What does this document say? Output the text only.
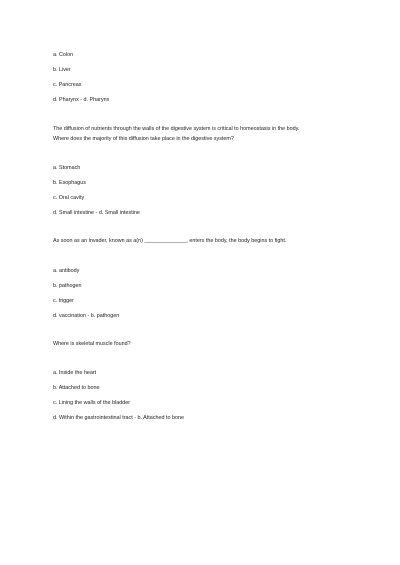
a. Colon
b. Liver
c. Pancreas
d. Pharynx - d. Pharynx
The diffusion of nutrients through the walls of the digestive system is critical to homeostasis in the body.
Where does the majority of this diffusion take place in the digestive system?
a. Stomach
b. Esophagus
c. Oral cavity
d. Small intestine - d. Small intestine
As soon as an invader, known as a(n) ______________, enters the body, the body begins to fight.
a. antibody
b. pathogen
c. trigger
d. vaccination - b. pathogen
Where is skeletal muscle found?
a. Inside the heart
b. Attached to bone
c. Lining the walls of the bladder
d. Within the gastrointestinal tract - b. Attached to bone
